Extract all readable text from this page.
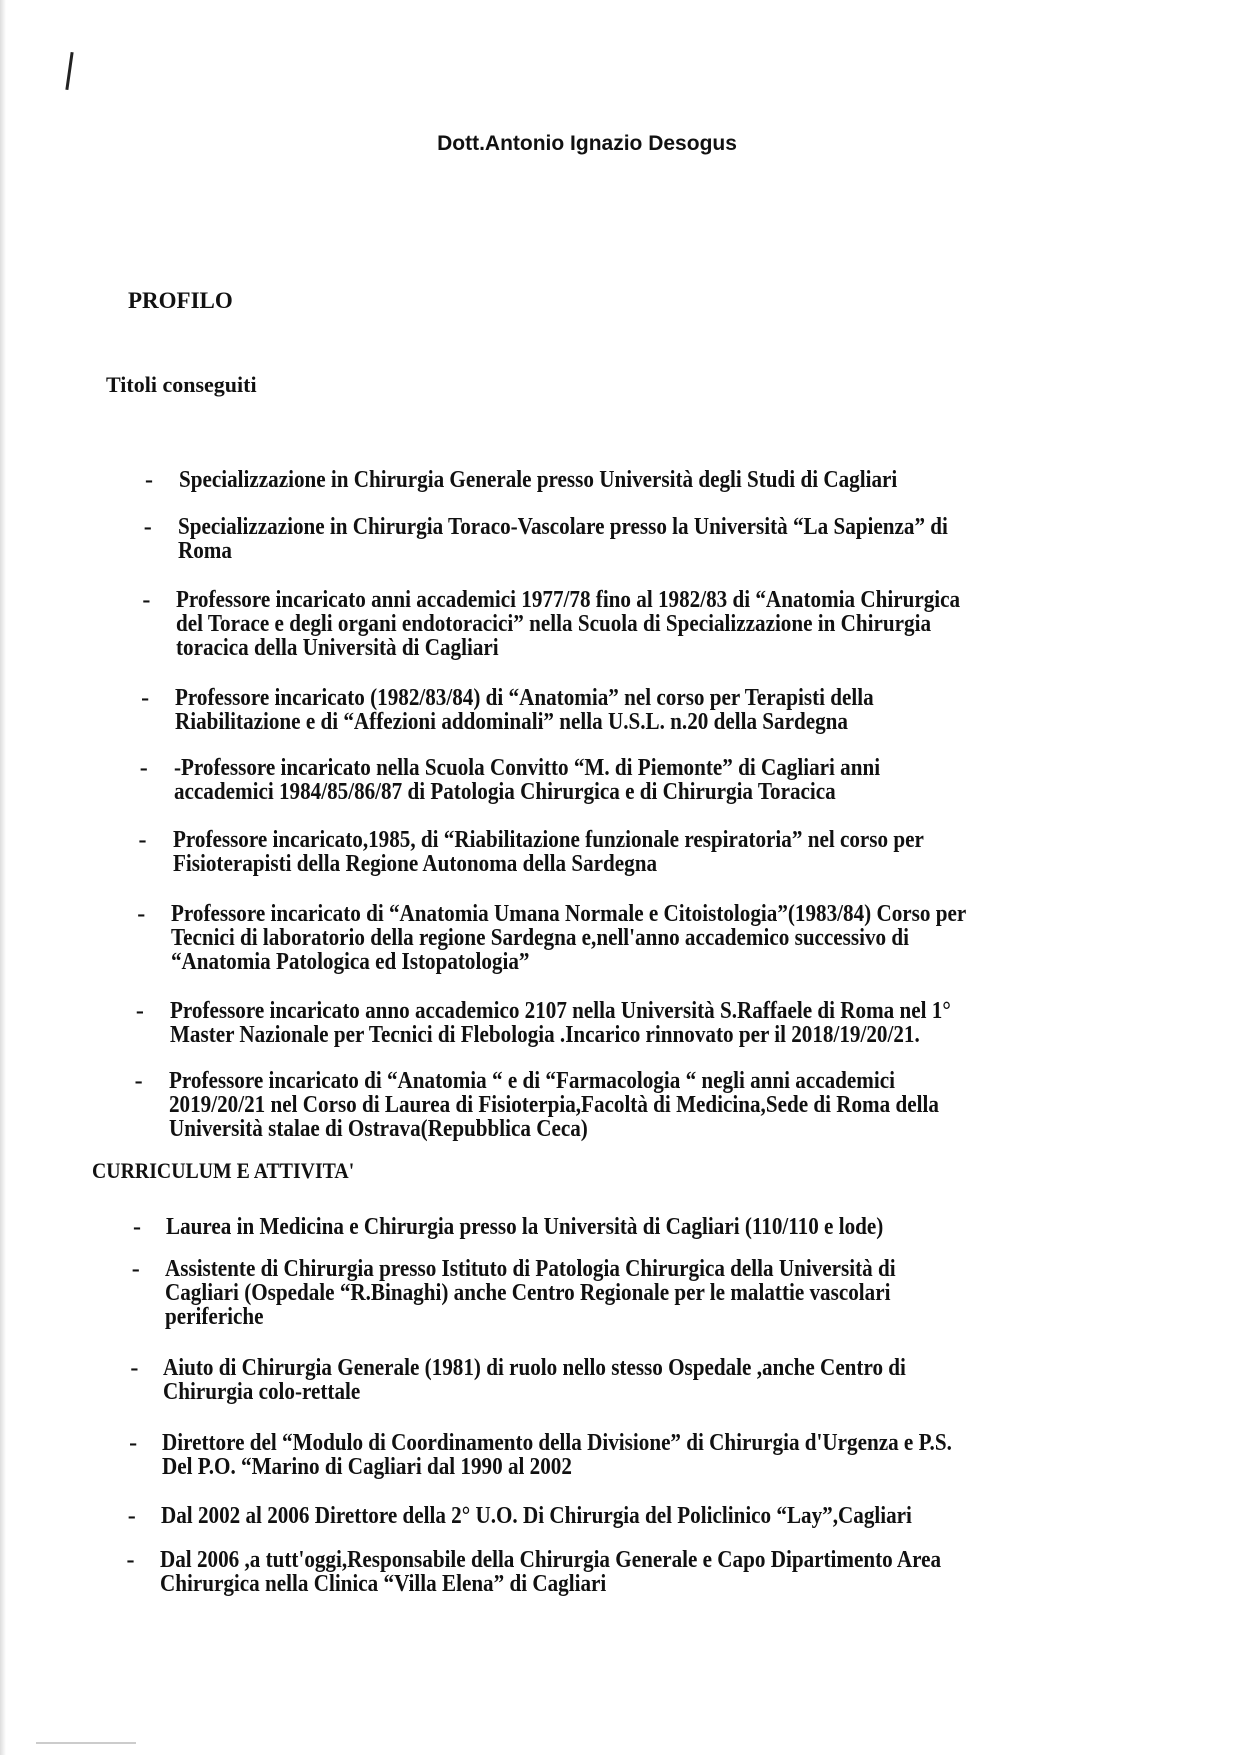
Dott.Antonio Ignazio Desogus
PROFILO
Titoli conseguiti
CURRICULUM E ATTIVITA'
- Specializzazione in Chirurgia Generale presso Università degli Studi di Cagliari
- Specializzazione in Chirurgia Toraco-Vascolare presso la Università “La Sapienza” di
Roma
- Professore incaricato anni accademici 1977/78 fino al 1982/83 di “Anatomia Chirurgica
del Torace e degli organi endotoracici” nella Scuola di Specializzazione in Chirurgia
toracica della Università di Cagliari
- Professore incaricato (1982/83/84) di “Anatomia” nel corso per Terapisti della
Riabilitazione e di “Affezioni addominali” nella U.S.L. n.20 della Sardegna
- -Professore incaricato nella Scuola Convitto “M. di Piemonte” di Cagliari anni
accademici 1984/85/86/87 di Patologia Chirurgica e di Chirurgia Toracica
- Professore incaricato,1985, di “Riabilitazione funzionale respiratoria” nel corso per
Fisioterapisti della Regione Autonoma della Sardegna
- Professore incaricato di “Anatomia Umana Normale e Citoistologia”(1983/84) Corso per
Tecnici di laboratorio della regione Sardegna e,nell'anno accademico successivo di
“Anatomia Patologica ed Istopatologia”
- Professore incaricato anno accademico 2107 nella Università S.Raffaele di Roma nel 1°
Master Nazionale per Tecnici di Flebologia .Incarico rinnovato per il 2018/19/20/21.
- Professore incaricato di “Anatomia “ e di “Farmacologia “ negli anni accademici
2019/20/21 nel Corso di Laurea di Fisioterpia,Facoltà di Medicina,Sede di Roma della
Università stalae di Ostrava(Repubblica Ceca)
- Laurea in Medicina e Chirurgia presso la Università di Cagliari (110/110 e lode)
- Assistente di Chirurgia presso Istituto di Patologia Chirurgica della Università di
Cagliari (Ospedale “R.Binaghi) anche Centro Regionale per le malattie vascolari
periferiche
- Aiuto di Chirurgia Generale (1981) di ruolo nello stesso Ospedale ,anche Centro di
Chirurgia colo-rettale
- Direttore del “Modulo di Coordinamento della Divisione” di Chirurgia d'Urgenza e P.S.
Del P.O. “Marino di Cagliari dal 1990 al 2002
- Dal 2002 al 2006 Direttore della 2° U.O. Di Chirurgia del Policlinico “Lay”,Cagliari
- Dal 2006 ,a tutt'oggi,Responsabile della Chirurgia Generale e Capo Dipartimento Area
Chirurgica nella Clinica “Villa Elena” di Cagliari
